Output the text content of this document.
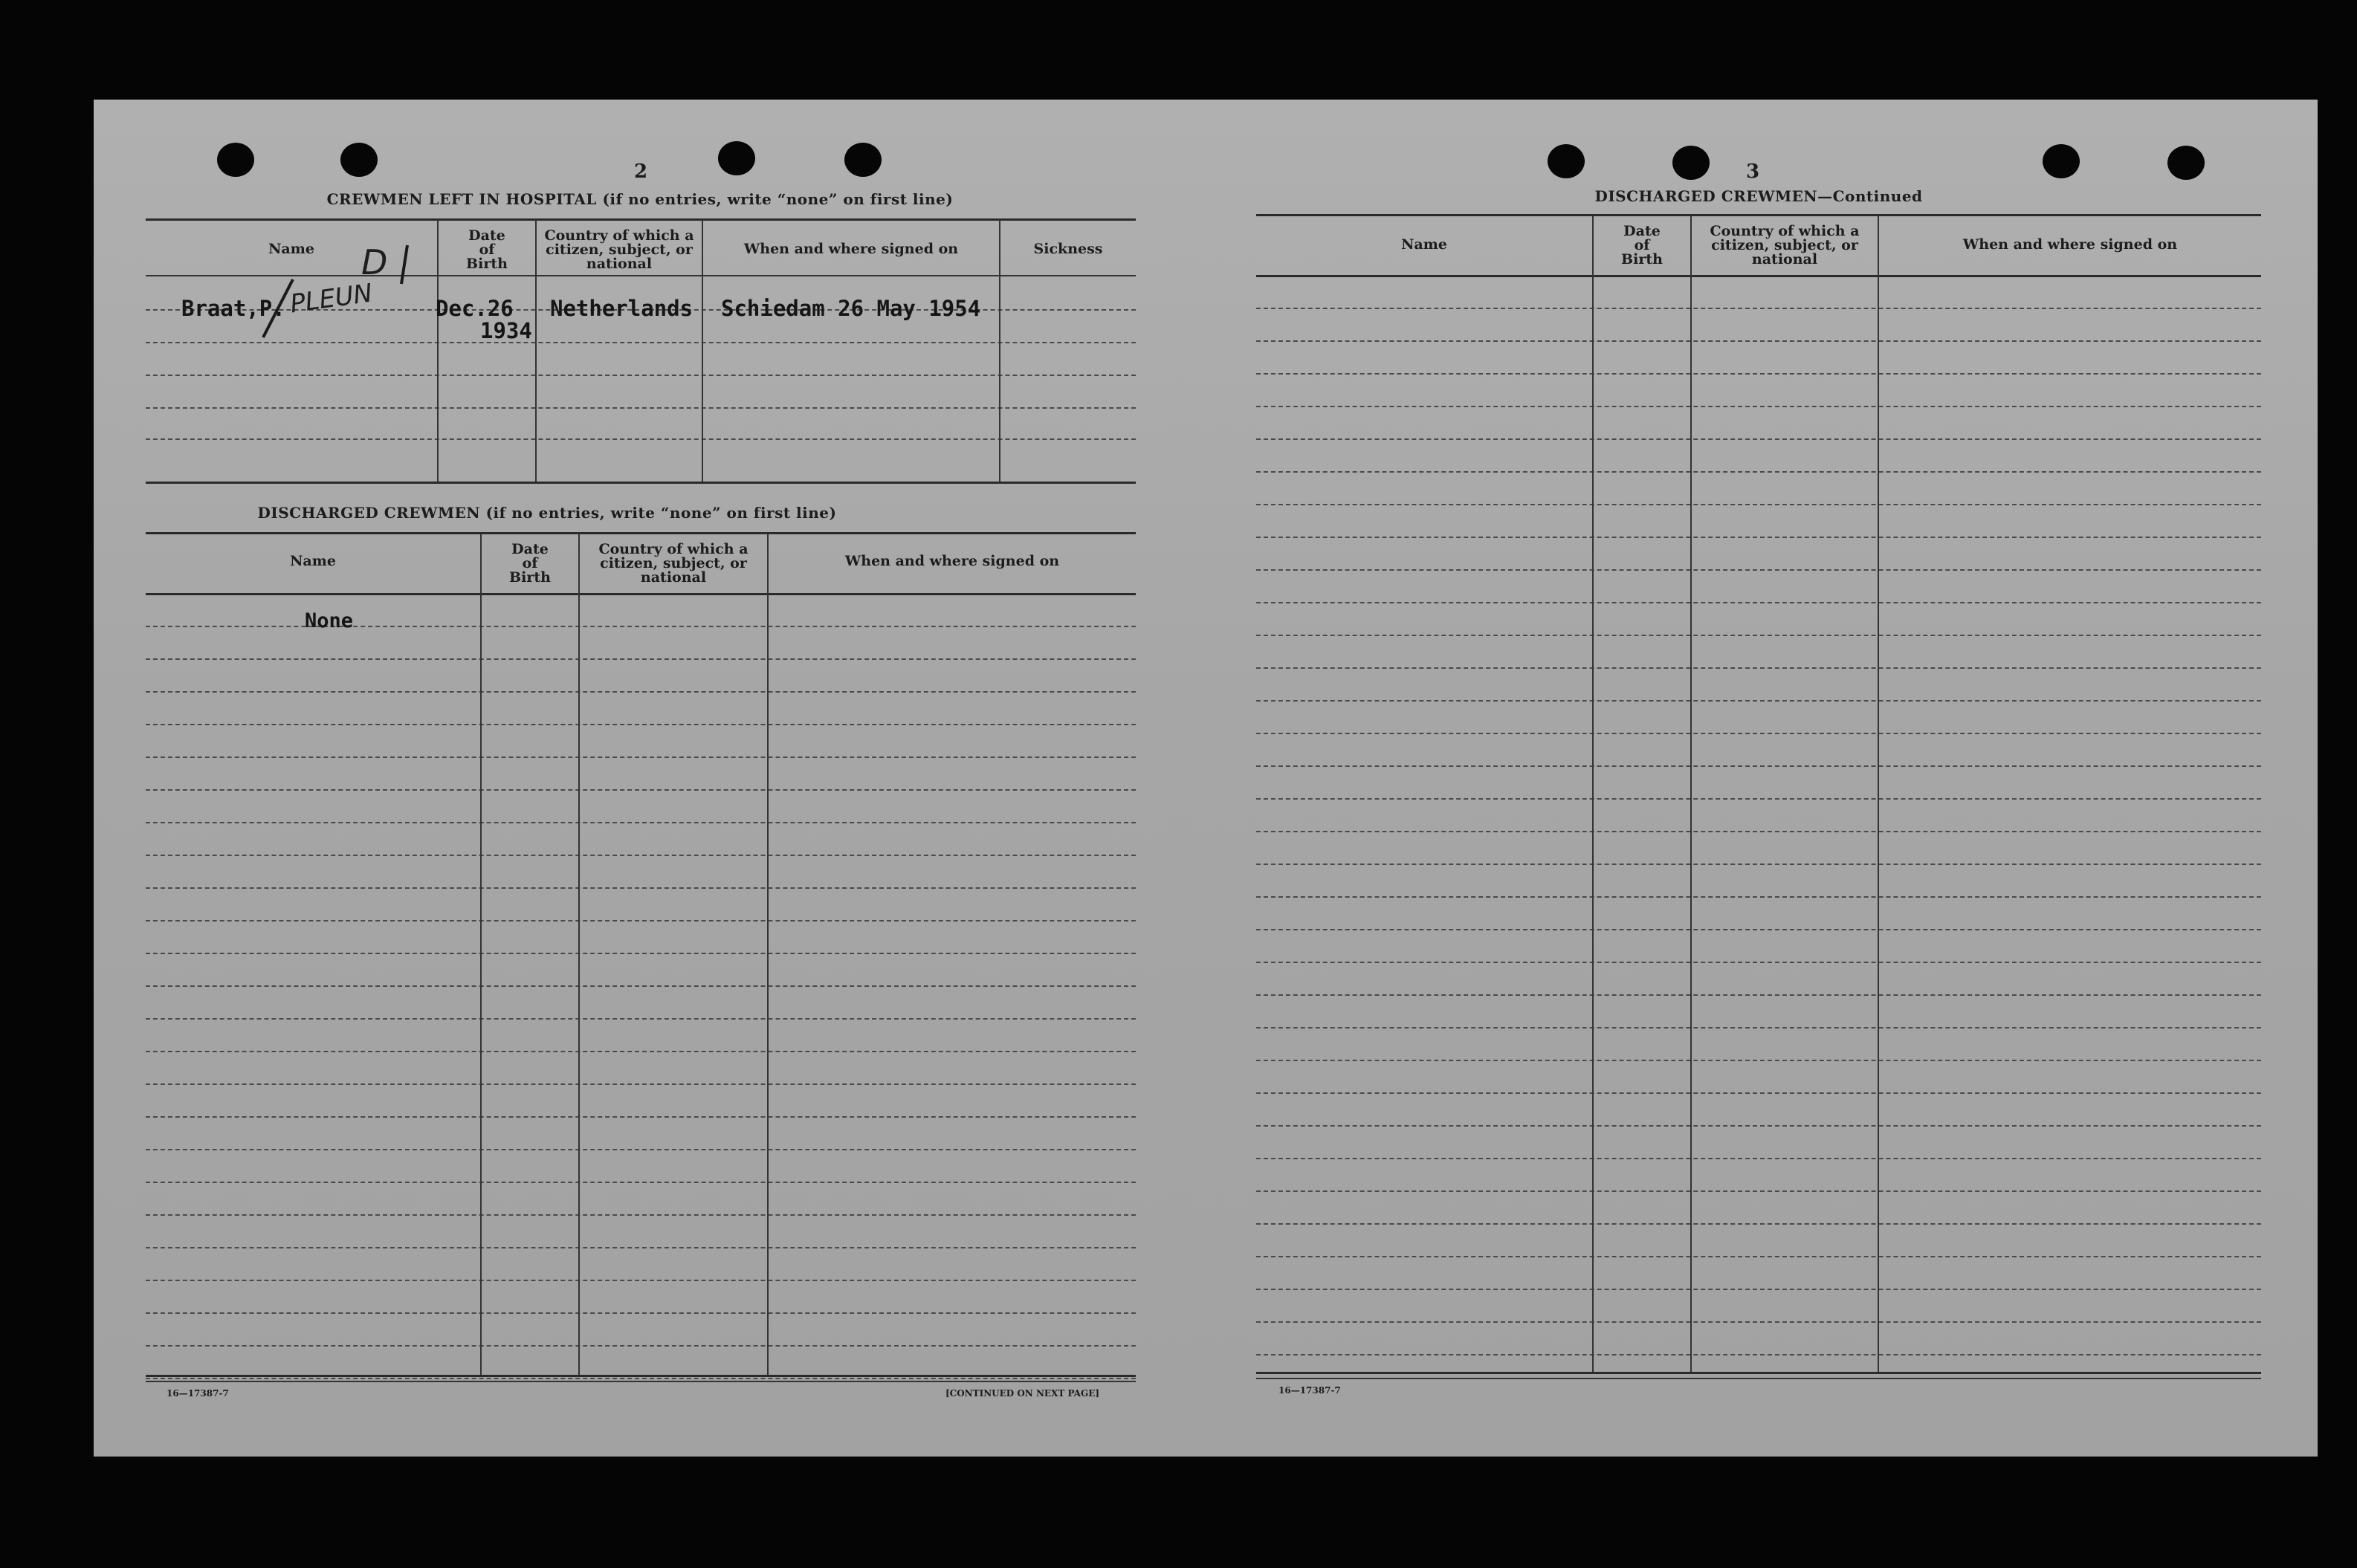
2
CREWMEN LEFT IN HOSPITAL (if no entries, write “none” on first line)
Name
Date
of
Birth
Country of which a
citizen, subject, or
national
When and where signed on	Sickness
Braat,P. PLEUN
D
Dec.26
1934
Netherlands Schiedam 26 May 1954
DISCHARGED CREWMEN (if no entries, write “none” on first line)
Name
Date
of
Birth
Country of which a
citizen, subject, or
national
When and where signed on
None
16—17387-7	[CONTINUED ON NEXT PAGE]
3
DISCHARGED CREWMEN—Continued
Name
Date
of
Birth
Country of which a
citizen, subject, or
national
When and where signed on
16—17387-7
